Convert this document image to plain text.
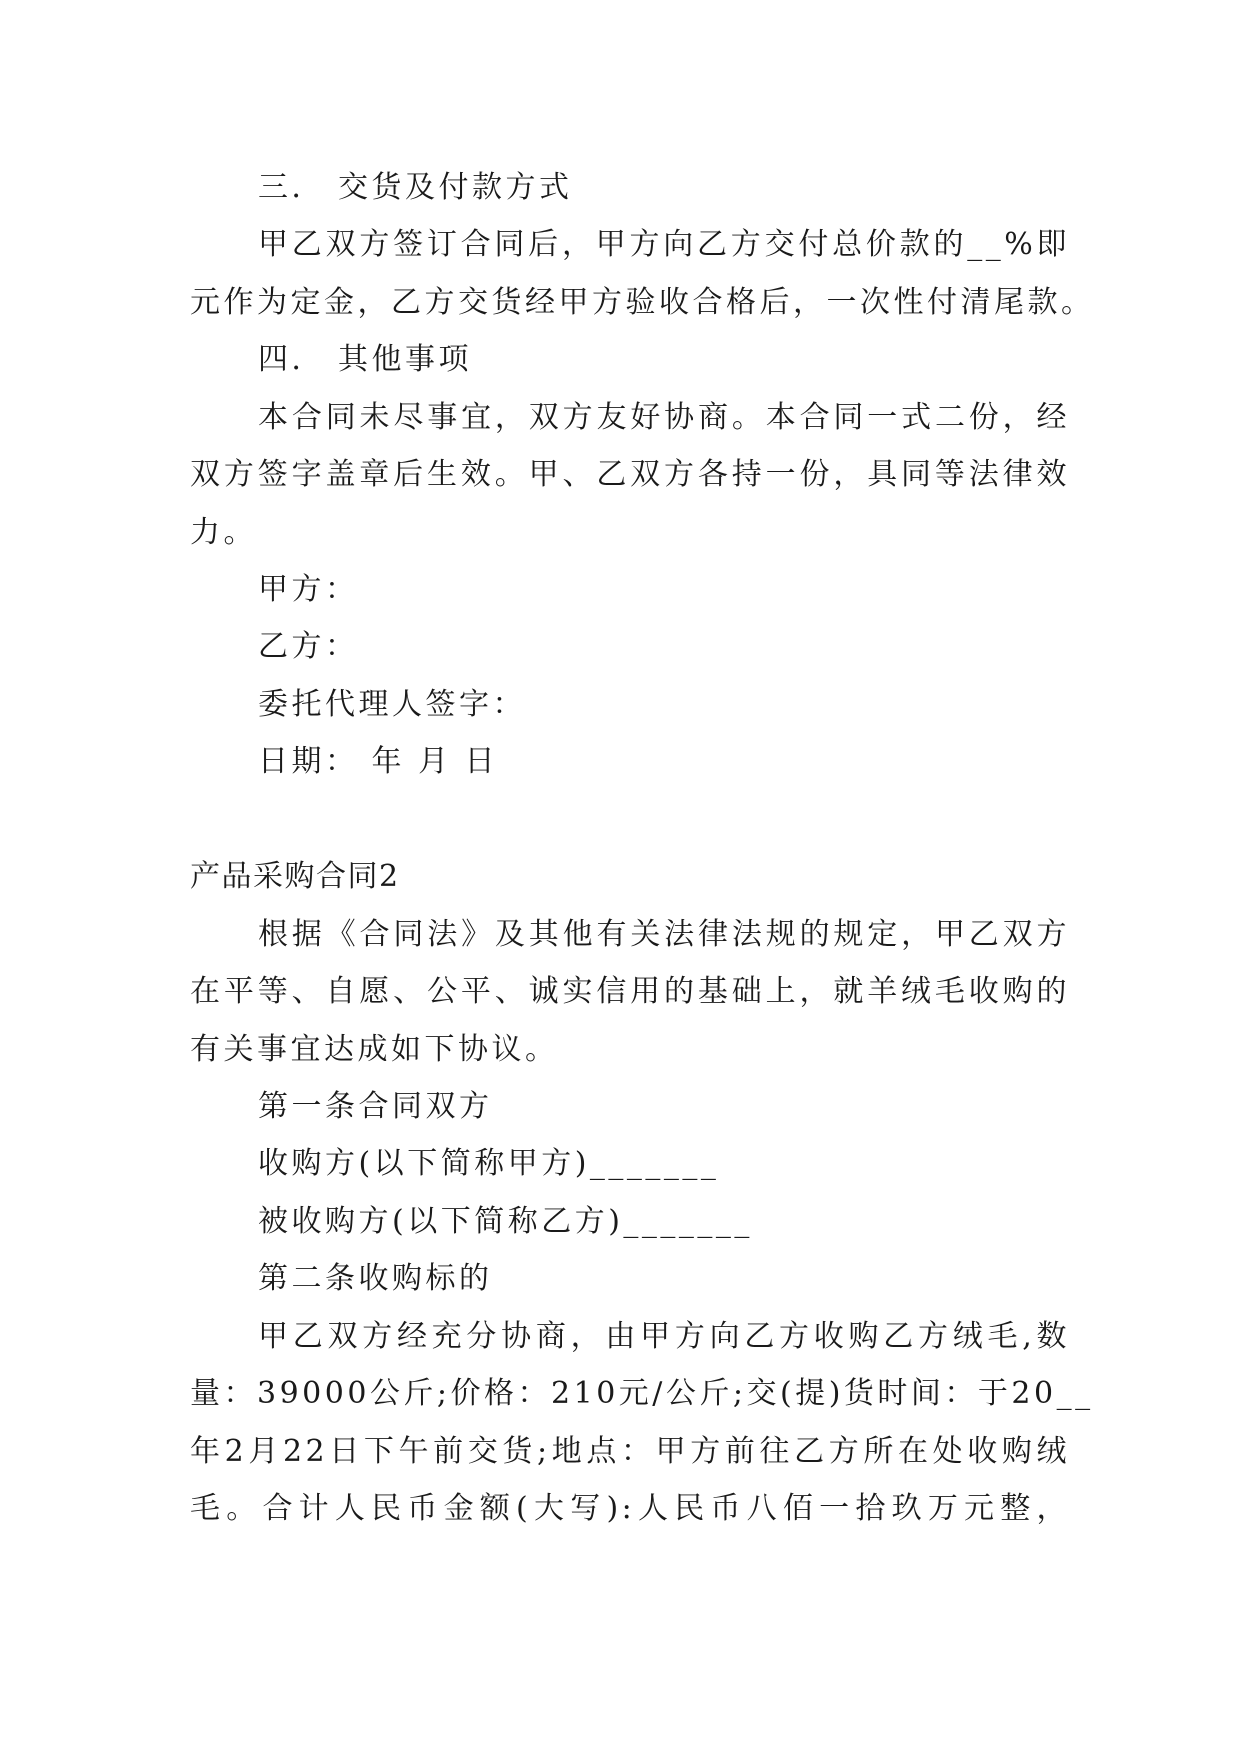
三． 交货及付款方式
甲乙双方签订合同后，甲方向乙方交付总价款的__%即
元作为定金，乙方交货经甲方验收合格后，一次性付清尾款。
四． 其他事项
本合同未尽事宜，双方友好协商。本合同一式二份，经
双方签字盖章后生效。甲、乙双方各持一份，具同等法律效
力。
甲方：
乙方：
委托代理人签字：
日期： 年 月 日
产品采购合同2
根据《合同法》及其他有关法律法规的规定，甲乙双方
在平等、自愿、公平、诚实信用的基础上，就羊绒毛收购的
有关事宜达成如下协议。
第一条合同双方
收购方(以下简称甲方)_______
被收购方(以下简称乙方)_______
第二条收购标的
甲乙双方经充分协商，由甲方向乙方收购乙方绒毛,数
量：39000公斤;价格：210元/公斤;交(提)货时间：于20__
年2月22日下午前交货;地点：甲方前往乙方所在处收购绒
毛。合计人民币金额(大写):人民币八佰一拾玖万元整，
